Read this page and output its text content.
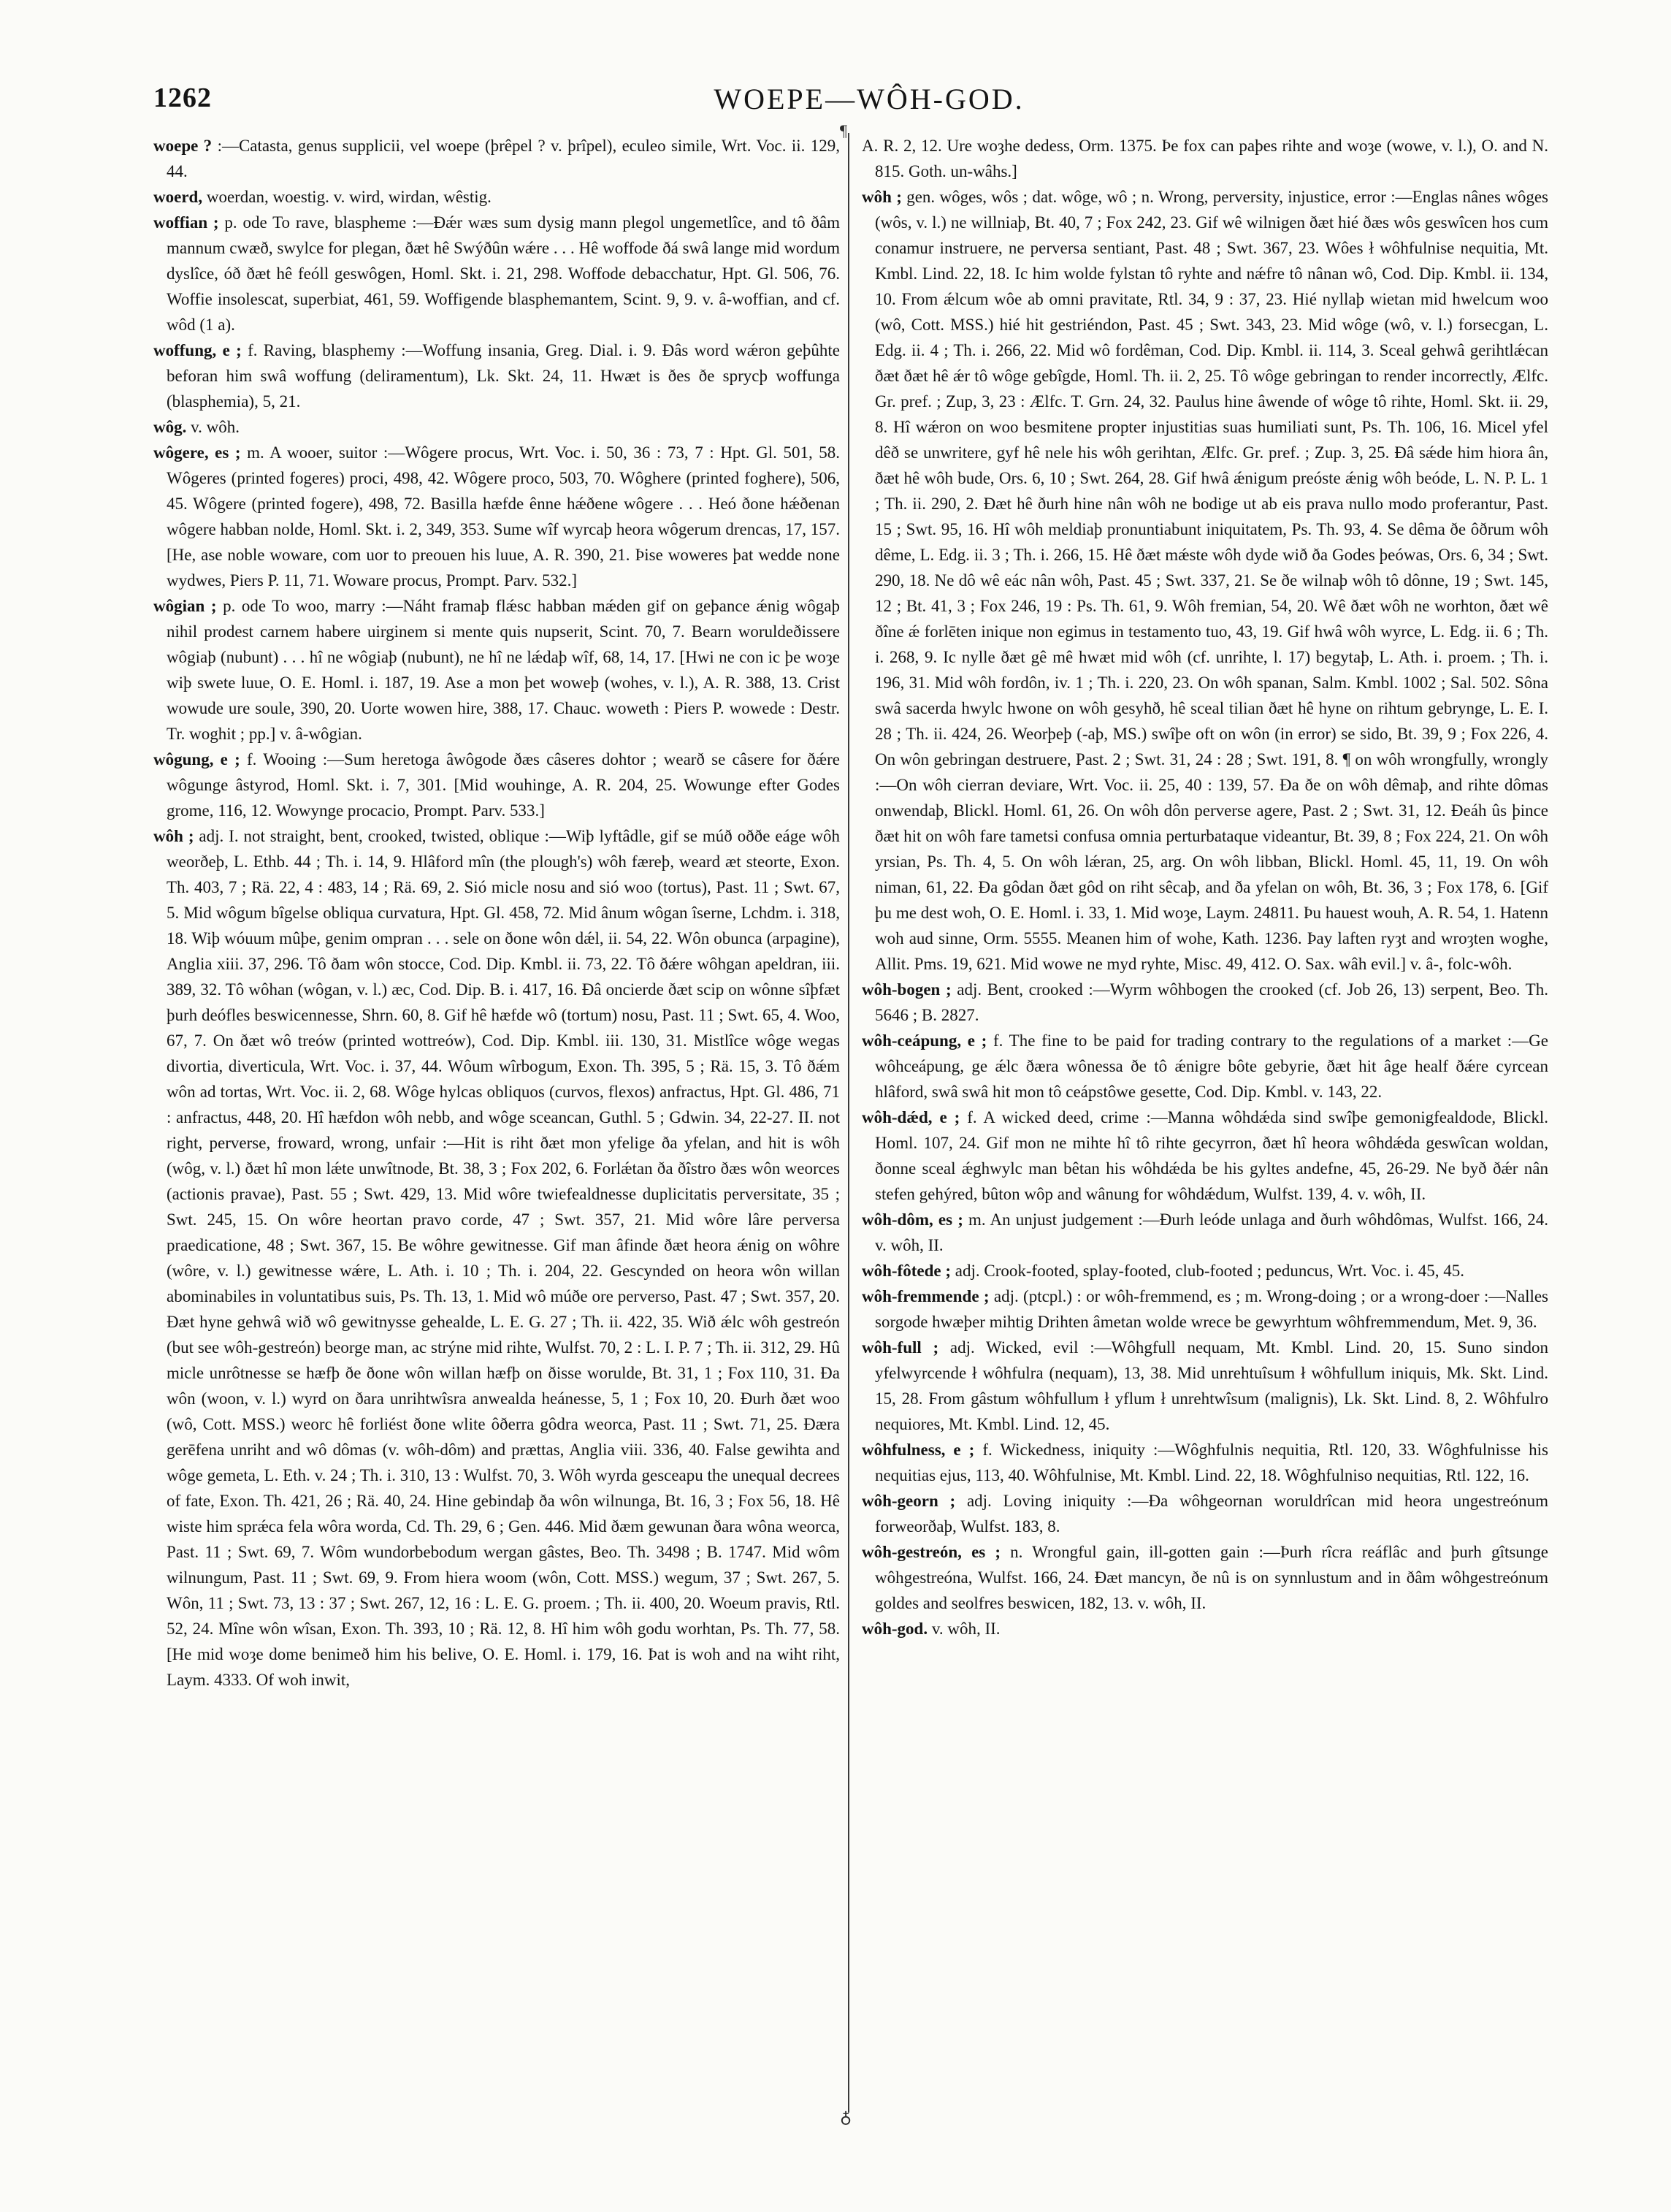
1262	WOEPE—WÔH-GOD.

woepe ? :—Catasta, genus supplicii, vel woepe (þrêpel ? v. þrîpel), eculeo simile, Wrt. Voc. ii. 129, 44.

woerd, woerdan, woestig. v. wird, wirdan, wêstig.

woffian ; p. ode To rave, blaspheme :—Ðǽr wæs sum dysig mann plegol ungemetlîce, and tô ðâm mannum cwæð, swylce for plegan, ðæt hê Swýðûn wǽre . . . Hê woffode ðá swâ lange mid wordum dyslîce, óð ðæt hê feóll geswôgen, Homl. Skt. i. 21, 298. Woffode debacchatur, Hpt. Gl. 506, 76. Woffie insolescat, superbiat, 461, 59. Woffigende blasphemantem, Scint. 9, 9. v. â-woffian, and cf. wôd (1 a).

woffung, e ; f. Raving, blasphemy :—Woffung insania, Greg. Dial. i. 9. Ðâs word wǽron geþûhte beforan him swâ woffung (deliramentum), Lk. Skt. 24, 11. Hwæt is ðes ðe sprycþ woffunga (blasphemia), 5, 21.

wôg. v. wôh.

wôgere, es ; m. A wooer, suitor :—Wôgere procus, Wrt. Voc. i. 50, 36 : 73, 7 : Hpt. Gl. 501, 58. Wôgeres (printed fogeres) proci, 498, 42. Wôgere proco, 503, 70. Wôghere (printed foghere), 506, 45. Wôgere (printed fogere), 498, 72. Basilla hæfde ênne hǽðene wôgere . . . Heó ðone hǽðenan wôgere habban nolde, Homl. Skt. i. 2, 349, 353. Sume wîf wyrcaþ heora wôgerum drencas, 17, 157. [He, ase noble woware, com uor to preouen his luue, A. R. 390, 21. Þise woweres þat wedde none wydwes, Piers P. 11, 71. Woware procus, Prompt. Parv. 532.]

wôgian ; p. ode To woo, marry :—Náht framaþ flǽsc habban mǽden gif on geþance ǽnig wôgaþ nihil prodest carnem habere uirginem si mente quis nupserit, Scint. 70, 7. Bearn woruldeðissere wôgiaþ (nubunt) . . . hî ne wôgiaþ (nubunt), ne hî ne lǽdaþ wîf, 68, 14, 17. [Hwi ne con ic þe woȝe wiþ swete luue, O. E. Homl. i. 187, 19. Ase a mon þet woweþ (wohes, v. l.), A. R. 388, 13. Crist wowude ure soule, 390, 20. Uorte wowen hire, 388, 17. Chauc. woweth : Piers P. wowede : Destr. Tr. woghit ; pp.] v. â-wôgian.

wôgung, e ; f. Wooing :—Sum heretoga âwôgode ðæs câseres dohtor ; wearð se câsere for ðǽre wôgunge âstyrod, Homl. Skt. i. 7, 301. [Mid wouhinge, A. R. 204, 25. Wowunge efter Godes grome, 116, 12. Wowynge procacio, Prompt. Parv. 533.]

wôh ; adj. I. not straight, bent, crooked, twisted, oblique :—Wiþ lyftâdle, gif se múð oððe eáge wôh weorðeþ, L. Ethb. 44 ; Th. i. 14, 9. Hlâford mîn (the plough's) wôh færeþ, weard æt steorte, Exon. Th. 403, 7 ; Rä. 22, 4 : 483, 14 ; Rä. 69, 2. Sió micle nosu and sió woo (tortus), Past. 11 ; Swt. 67, 5. Mid wôgum bîgelse obliqua curvatura, Hpt. Gl. 458, 72. Mid ânum wôgan îserne, Lchdm. i. 318, 18. Wiþ wóuum mûþe, genim ompran . . . sele on ðone wôn dǽl, ii. 54, 22. Wôn obunca (arpagine), Anglia xiii. 37, 296. Tô ðam wôn stocce, Cod. Dip. Kmbl. ii. 73, 22. Tô ðǽre wôhgan apeldran, iii. 389, 32. Tô wôhan (wôgan, v. l.) æc, Cod. Dip. B. i. 417, 16. Ðâ oncierde ðæt scip on wônne sîþfæt þurh deófles beswicennesse, Shrn. 60, 8. Gif hê hæfde wô (tortum) nosu, Past. 11 ; Swt. 65, 4. Woo, 67, 7. On ðæt wô treów (printed wottreów), Cod. Dip. Kmbl. iii. 130, 31. Mistlîce wôge wegas divortia, diverticula, Wrt. Voc. i. 37, 44. Wôum wîrbogum, Exon. Th. 395, 5 ; Rä. 15, 3. Tô ðǽm wôn ad tortas, Wrt. Voc. ii. 2, 68. Wôge hylcas obliquos (curvos, flexos) anfractus, Hpt. Gl. 486, 71 : anfractus, 448, 20. Hî hæfdon wôh nebb, and wôge sceancan, Guthl. 5 ; Gdwin. 34, 22-27. II. not right, perverse, froward, wrong, unfair :—Hit is riht ðæt mon yfelige ða yfelan, and hit is wôh (wôg, v. l.) ðæt hî mon lǽte unwîtnode, Bt. 38, 3 ; Fox 202, 6. Forlǽtan ða ðîstro ðæs wôn weorces (actionis pravae), Past. 55 ; Swt. 429, 13. Mid wôre twiefealdnesse duplicitatis perversitate, 35 ; Swt. 245, 15. On wôre heortan pravo corde, 47 ; Swt. 357, 21. Mid wôre lâre perversa praedicatione, 48 ; Swt. 367, 15. Be wôhre gewitnesse. Gif man âfinde ðæt heora ǽnig on wôhre (wôre, v. l.) gewitnesse wǽre, L. Ath. i. 10 ; Th. i. 204, 22. Gescynded on heora wôn willan abominabiles in voluntatibus suis, Ps. Th. 13, 1. Mid wô múðe ore perverso, Past. 47 ; Swt. 357, 20. Ðæt hyne gehwâ wið wô gewitnysse gehealde, L. E. G. 27 ; Th. ii. 422, 35. Wið ǽlc wôh gestreón (but see wôh-gestreón) beorge man, ac strýne mid rihte, Wulfst. 70, 2 : L. I. P. 7 ; Th. ii. 312, 29. Hû micle unrôtnesse se hæfþ ðe ðone wôn willan hæfþ on ðisse worulde, Bt. 31, 1 ; Fox 110, 31. Ða wôn (woon, v. l.) wyrd on ðara unrihtwîsra anwealda heánesse, 5, 1 ; Fox 10, 20. Ðurh ðæt woo (wô, Cott. MSS.) weorc hê forliést ðone wlite ôðerra gôdra weorca, Past. 11 ; Swt. 71, 25. Ðæra gerēfena unriht and wô dômas (v. wôh-dôm) and prættas, Anglia viii. 336, 40. False gewihta and wôge gemeta, L. Eth. v. 24 ; Th. i. 310, 13 : Wulfst. 70, 3. Wôh wyrda gesceapu the unequal decrees of fate, Exon. Th. 421, 26 ; Rä. 40, 24. Hine gebindaþ ða wôn wilnunga, Bt. 16, 3 ; Fox 56, 18. Hê wiste him sprǽca fela wôra worda, Cd. Th. 29, 6 ; Gen. 446. Mid ðæm gewunan ðara wôna weorca, Past. 11 ; Swt. 69, 7. Wôm wundorbebodum wergan gâstes, Beo. Th. 3498 ; B. 1747. Mid wôm wilnungum, Past. 11 ; Swt. 69, 9. From hiera woom (wôn, Cott. MSS.) wegum, 37 ; Swt. 267, 5. Wôn, 11 ; Swt. 73, 13 : 37 ; Swt. 267, 12, 16 : L. E. G. proem. ; Th. ii. 400, 20. Woeum pravis, Rtl. 52, 24. Mîne wôn wîsan, Exon. Th. 393, 10 ; Rä. 12, 8. Hî him wôh godu worhtan, Ps. Th. 77, 58. [He mid woȝe dome benimeð him his belive, O. E. Homl. i. 179, 16. Þat is woh and na wiht riht, Laym. 4333. Of woh inwit,

¶
♁

A. R. 2, 12. Ure woȝhe dedess, Orm. 1375. Þe fox can paþes rihte and woȝe (wowe, v. l.), O. and N. 815. Goth. un-wâhs.]

wôh ; gen. wôges, wôs ; dat. wôge, wô ; n. Wrong, perversity, injustice, error :—Englas nânes wôges (wôs, v. l.) ne willniaþ, Bt. 40, 7 ; Fox 242, 23. Gif wê wilnigen ðæt hié ðæs wôs geswîcen hos cum conamur instruere, ne perversa sentiant, Past. 48 ; Swt. 367, 23. Wôes ł wôhfulnise nequitia, Mt. Kmbl. Lind. 22, 18. Ic him wolde fylstan tô ryhte and nǽfre tô nânan wô, Cod. Dip. Kmbl. ii. 134, 10. From ǽlcum wôe ab omni pravitate, Rtl. 34, 9 : 37, 23. Hié nyllaþ wietan mid hwelcum woo (wô, Cott. MSS.) hié hit gestriéndon, Past. 45 ; Swt. 343, 23. Mid wôge (wô, v. l.) forsecgan, L. Edg. ii. 4 ; Th. i. 266, 22. Mid wô fordêman, Cod. Dip. Kmbl. ii. 114, 3. Sceal gehwâ gerihtlǽcan ðæt ðæt hê ǽr tô wôge gebîgde, Homl. Th. ii. 2, 25. Tô wôge gebringan to render incorrectly, Ælfc. Gr. pref. ; Zup, 3, 23 : Ælfc. T. Grn. 24, 32. Paulus hine âwende of wôge tô rihte, Homl. Skt. ii. 29, 8. Hî wǽron on woo besmitene propter injustitias suas humiliati sunt, Ps. Th. 106, 16. Micel yfel dêð se unwritere, gyf hê nele his wôh gerihtan, Ælfc. Gr. pref. ; Zup. 3, 25. Ðâ sǽde him hiora ân, ðæt hê wôh bude, Ors. 6, 10 ; Swt. 264, 28. Gif hwâ ǽnigum preóste ǽnig wôh beóde, L. N. P. L. 1 ; Th. ii. 290, 2. Ðæt hê ðurh hine nân wôh ne bodige ut ab eis prava nullo modo proferantur, Past. 15 ; Swt. 95, 16. Hî wôh meldiaþ pronuntiabunt iniquitatem, Ps. Th. 93, 4. Se dêma ðe ôðrum wôh dême, L. Edg. ii. 3 ; Th. i. 266, 15. Hê ðæt mǽste wôh dyde wið ða Godes þeówas, Ors. 6, 34 ; Swt. 290, 18. Ne dô wê eác nân wôh, Past. 45 ; Swt. 337, 21. Se ðe wilnaþ wôh tô dônne, 19 ; Swt. 145, 12 ; Bt. 41, 3 ; Fox 246, 19 : Ps. Th. 61, 9. Wôh fremian, 54, 20. Wê ðæt wôh ne worhton, ðæt wê ðîne ǽ forlēten inique non egimus in testamento tuo, 43, 19. Gif hwâ wôh wyrce, L. Edg. ii. 6 ; Th. i. 268, 9. Ic nylle ðæt gê mê hwæt mid wôh (cf. unrihte, l. 17) begytaþ, L. Ath. i. proem. ; Th. i. 196, 31. Mid wôh fordôn, iv. 1 ; Th. i. 220, 23. On wôh spanan, Salm. Kmbl. 1002 ; Sal. 502. Sôna swâ sacerda hwylc hwone on wôh gesyhð, hê sceal tilian ðæt hê hyne on rihtum gebrynge, L. E. I. 28 ; Th. ii. 424, 26. Weorþeþ (-aþ, MS.) swîþe oft on wôn (in error) se sido, Bt. 39, 9 ; Fox 226, 4. On wôn gebringan destruere, Past. 2 ; Swt. 31, 24 : 28 ; Swt. 191, 8. ¶ on wôh wrongfully, wrongly :—On wôh cierran deviare, Wrt. Voc. ii. 25, 40 : 139, 57. Ða ðe on wôh dêmaþ, and rihte dômas onwendaþ, Blickl. Homl. 61, 26. On wôh dôn perverse agere, Past. 2 ; Swt. 31, 12. Ðeáh ûs þince ðæt hit on wôh fare tametsi confusa omnia perturbataque videantur, Bt. 39, 8 ; Fox 224, 21. On wôh yrsian, Ps. Th. 4, 5. On wôh lǽran, 25, arg. On wôh libban, Blickl. Homl. 45, 11, 19. On wôh niman, 61, 22. Ða gôdan ðæt gôd on riht sêcaþ, and ða yfelan on wôh, Bt. 36, 3 ; Fox 178, 6. [Gif þu me dest woh, O. E. Homl. i. 33, 1. Mid woȝe, Laym. 24811. Þu hauest wouh, A. R. 54, 1. Hatenn woh aud sinne, Orm. 5555. Meanen him of wohe, Kath. 1236. Þay laften ryȝt and wroȝten woghe, Allit. Pms. 19, 621. Mid wowe ne myd ryhte, Misc. 49, 412. O. Sax. wâh evil.] v. â-, folc-wôh.

wôh-bogen ; adj. Bent, crooked :—Wyrm wôhbogen the crooked (cf. Job 26, 13) serpent, Beo. Th. 5646 ; B. 2827.

wôh-ceápung, e ; f. The fine to be paid for trading contrary to the regulations of a market :—Ge wôhceápung, ge ǽlc ðæra wônessa ðe tô ǽnigre bôte gebyrie, ðæt hit âge healf ðǽre cyrcean hlâford, swâ swâ hit mon tô ceápstôwe gesette, Cod. Dip. Kmbl. v. 143, 22.

wôh-dǽd, e ; f. A wicked deed, crime :—Manna wôhdǽda sind swîþe gemonigfealdode, Blickl. Homl. 107, 24. Gif mon ne mihte hî tô rihte gecyrron, ðæt hî heora wôhdǽda geswîcan woldan, ðonne sceal ǽghwylc man bêtan his wôhdǽda be his gyltes andefne, 45, 26-29. Ne byð ðǽr nân stefen gehýred, bûton wôp and wânung for wôhdǽdum, Wulfst. 139, 4. v. wôh, II.

wôh-dôm, es ; m. An unjust judgement :—Ðurh leóde unlaga and ðurh wôhdômas, Wulfst. 166, 24. v. wôh, II.

wôh-fôtede ; adj. Crook-footed, splay-footed, club-footed ; peduncus, Wrt. Voc. i. 45, 45.

wôh-fremmende ; adj. (ptcpl.) : or wôh-fremmend, es ; m. Wrong-doing ; or a wrong-doer :—Nalles sorgode hwæþer mihtig Drihten âmetan wolde wrece be gewyrhtum wôhfremmendum, Met. 9, 36.

wôh-full ; adj. Wicked, evil :—Wôhgfull nequam, Mt. Kmbl. Lind. 20, 15. Suno sindon yfelwyrcende ł wôhfulra (nequam), 13, 38. Mid unrehtuîsum ł wôhfullum iniquis, Mk. Skt. Lind. 15, 28. From gâstum wôhfullum ł yflum ł unrehtwîsum (malignis), Lk. Skt. Lind. 8, 2. Wôhfulro nequiores, Mt. Kmbl. Lind. 12, 45.

wôhfulness, e ; f. Wickedness, iniquity :—Wôghfulnis nequitia, Rtl. 120, 33. Wôghfulnisse his nequitias ejus, 113, 40. Wôhfulnise, Mt. Kmbl. Lind. 22, 18. Wôghfulniso nequitias, Rtl. 122, 16.

wôh-georn ; adj. Loving iniquity :—Ða wôhgeornan woruldrîcan mid heora ungestreónum forweorðaþ, Wulfst. 183, 8.

wôh-gestreón, es ; n. Wrongful gain, ill-gotten gain :—Þurh rîcra reáflâc and þurh gîtsunge wôhgestreóna, Wulfst. 166, 24. Ðæt mancyn, ðe nû is on synnlustum and in ðâm wôhgestreónum goldes and seolfres beswicen, 182, 13. v. wôh, II.

wôh-god. v. wôh, II.
